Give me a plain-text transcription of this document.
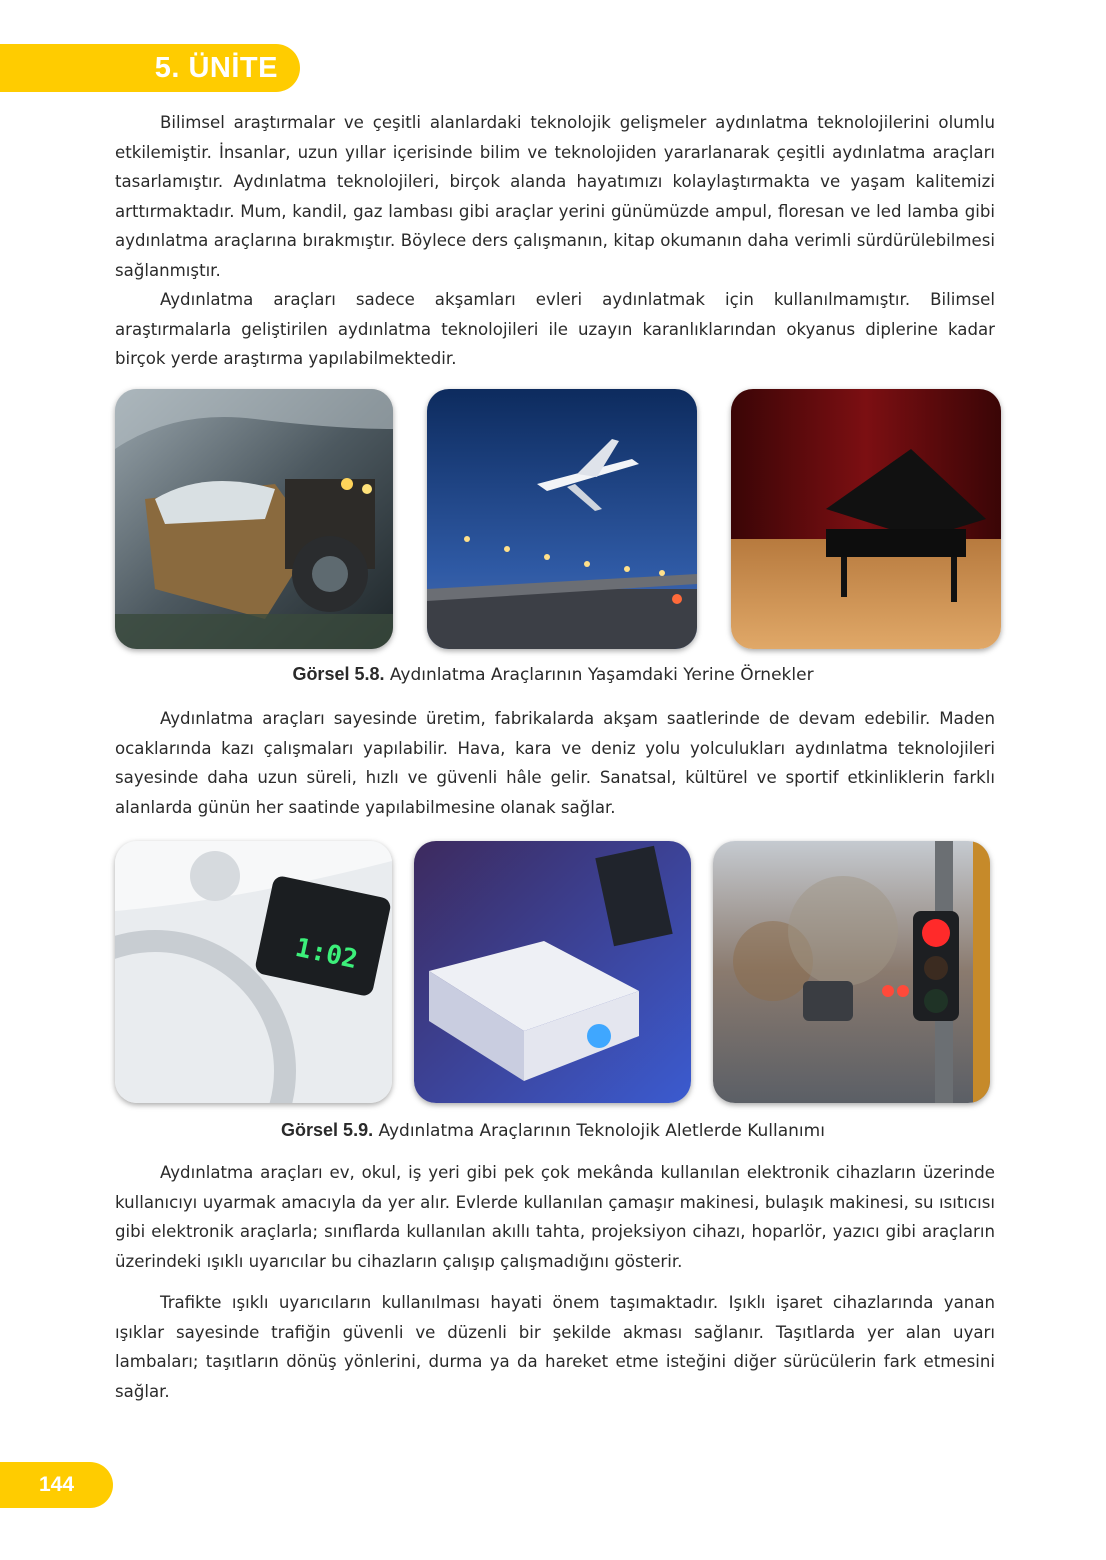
5. ÜNİTE

Bilimsel araştırmalar ve çeşitli alanlardaki teknolojik gelişmeler aydınlatma teknolojilerini olumlu etkilemiştir. İnsanlar, uzun yıllar içerisinde bilim ve teknolojiden yararlanarak çeşitli aydınlatma araçları tasarlamıştır. Aydınlatma teknolojileri, birçok alanda hayatımızı kolaylaştırmakta ve yaşam kalitemizi arttırmaktadır. Mum, kandil, gaz lambası gibi araçlar yerini günümüzde ampul, floresan ve led lamba gibi aydınlatma araçlarına bırakmıştır. Böylece ders çalışmanın, kitap okumanın daha verimli sürdürülebilmesi sağlanmıştır.

Aydınlatma araçları sadece akşamları evleri aydınlatmak için kullanılmamıştır. Bilimsel araştırmalarla geliştirilen aydınlatma teknolojileri ile uzayın karanlıklarından okyanus diplerine kadar birçok yerde araştırma yapılabilmektedir.

Görsel 5.8. Aydınlatma Araçlarının Yaşamdaki Yerine Örnekler

Aydınlatma araçları sayesinde üretim, fabrikalarda akşam saatlerinde de devam edebilir. Maden ocaklarında kazı çalışmaları yapılabilir. Hava, kara ve deniz yolu yolculukları aydınlatma teknolojileri sayesinde daha uzun süreli, hızlı ve güvenli hâle gelir. Sanatsal, kültürel ve sportif etkinliklerin farklı alanlarda günün her saatinde yapılabilmesine olanak sağlar.

1:02

Görsel 5.9. Aydınlatma Araçlarının Teknolojik Aletlerde Kullanımı

Aydınlatma araçları ev, okul, iş yeri gibi pek çok mekânda kullanılan elektronik cihazların üzerinde kullanıcıyı uyarmak amacıyla da yer alır. Evlerde kullanılan çamaşır makinesi, bulaşık makinesi, su ısıtıcısı gibi elektronik araçlarla; sınıflarda kullanılan akıllı tahta, projeksiyon cihazı, hoparlör, yazıcı gibi araçların üzerindeki ışıklı uyarıcılar bu cihazların çalışıp çalışmadığını gösterir.

Trafikte ışıklı uyarıcıların kullanılması hayati önem taşımaktadır. Işıklı işaret cihazlarında yanan ışıklar sayesinde trafiğin güvenli ve düzenli bir şekilde akması sağlanır. Taşıtlarda yer alan uyarı lambaları; taşıtların dönüş yönlerini, durma ya da hareket etme isteğini diğer sürücülerin fark etmesini sağlar.

144
